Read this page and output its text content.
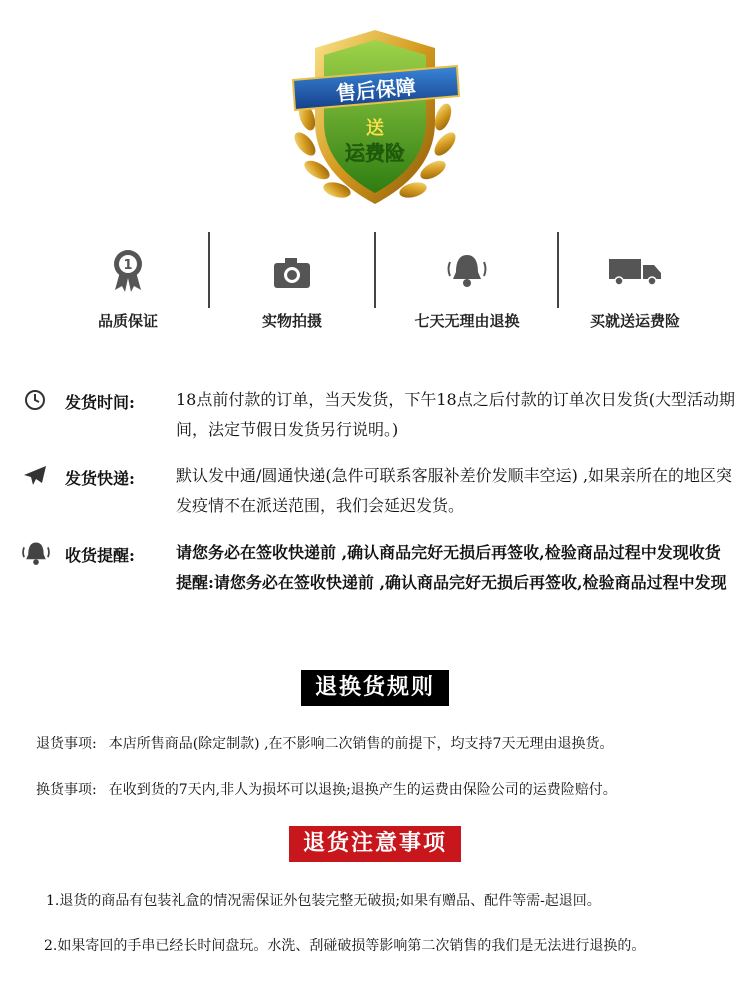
售后保障
送
运费险
1
品质保证	实物拍摄	七天无理由退换	买就送运费险
发货时间:	18点前付款的订单，当天发货，下午18点之后付款的订单次日发货(大型活动期间，法定节假日发货另行说明。)
发货快递:	默认发中通/圆通快递(急件可联系客服补差价发顺丰空运) ,如果亲所在的地区突发疫情不在派送范围，我们会延迟发货。
收货提醒:	请您务必在签收快递前 ,确认商品完好无损后再签收,检验商品过程中发现收货提醒:请您务必在签收快递前 ,确认商品完好无损后再签收,检验商品过程中发现
退换货规则
退货事项: 本店所售商品(除定制款) ,在不影响二次销售的前提下，均支持7天无理由退换货。
换货事项: 在收到货的7天内,非人为损坏可以退换;退换产生的运费由保险公司的运费险赔付。
退货注意事项
1.退货的商品有包装礼盒的情况需保证外包装完整无破损;如果有赠品、配件等需-起退回。
2.如果寄回的手串已经长时间盘玩。水洗、刮碰破损等影响第二次销售的我们是无法进行退换的。
